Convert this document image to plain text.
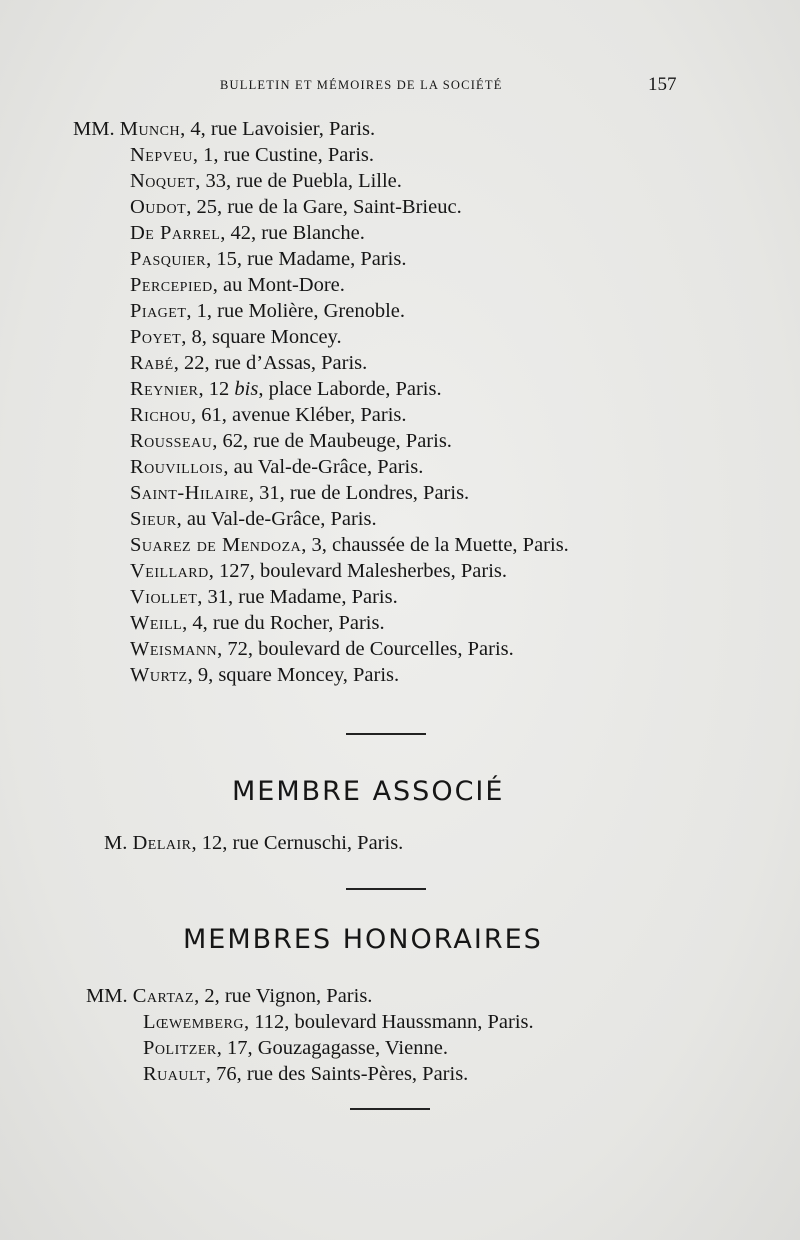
BULLETIN ET MÉMOIRES DE LA SOCIÉTÉ	157
MM. Munch, 4, rue Lavoisier, Paris.
Nepveu, 1, rue Custine, Paris.
Noquet, 33, rue de Puebla, Lille.
Oudot, 25, rue de la Gare, Saint-Brieuc.
De Parrel, 42, rue Blanche.
Pasquier, 15, rue Madame, Paris.
Percepied, au Mont-Dore.
Piaget, 1, rue Molière, Grenoble.
Poyet, 8, square Moncey.
Rabé, 22, rue d’Assas, Paris.
Reynier, 12 bis, place Laborde, Paris.
Richou, 61, avenue Kléber, Paris.
Rousseau, 62, rue de Maubeuge, Paris.
Rouvillois, au Val-de-Grâce, Paris.
Saint-Hilaire, 31, rue de Londres, Paris.
Sieur, au Val-de-Grâce, Paris.
Suarez de Mendoza, 3, chaussée de la Muette, Paris.
Veillard, 127, boulevard Malesherbes, Paris.
Viollet, 31, rue Madame, Paris.
Weill, 4, rue du Rocher, Paris.
Weismann, 72, boulevard de Courcelles, Paris.
Wurtz, 9, square Moncey, Paris.
MEMBRE ASSOCIÉ
M. Delair, 12, rue Cernuschi, Paris.
MEMBRES HONORAIRES
MM. Cartaz, 2, rue Vignon, Paris.
Lœwemberg, 112, boulevard Haussmann, Paris.
Politzer, 17, Gouzagagasse, Vienne.
Ruault, 76, rue des Saints-Pères, Paris.
